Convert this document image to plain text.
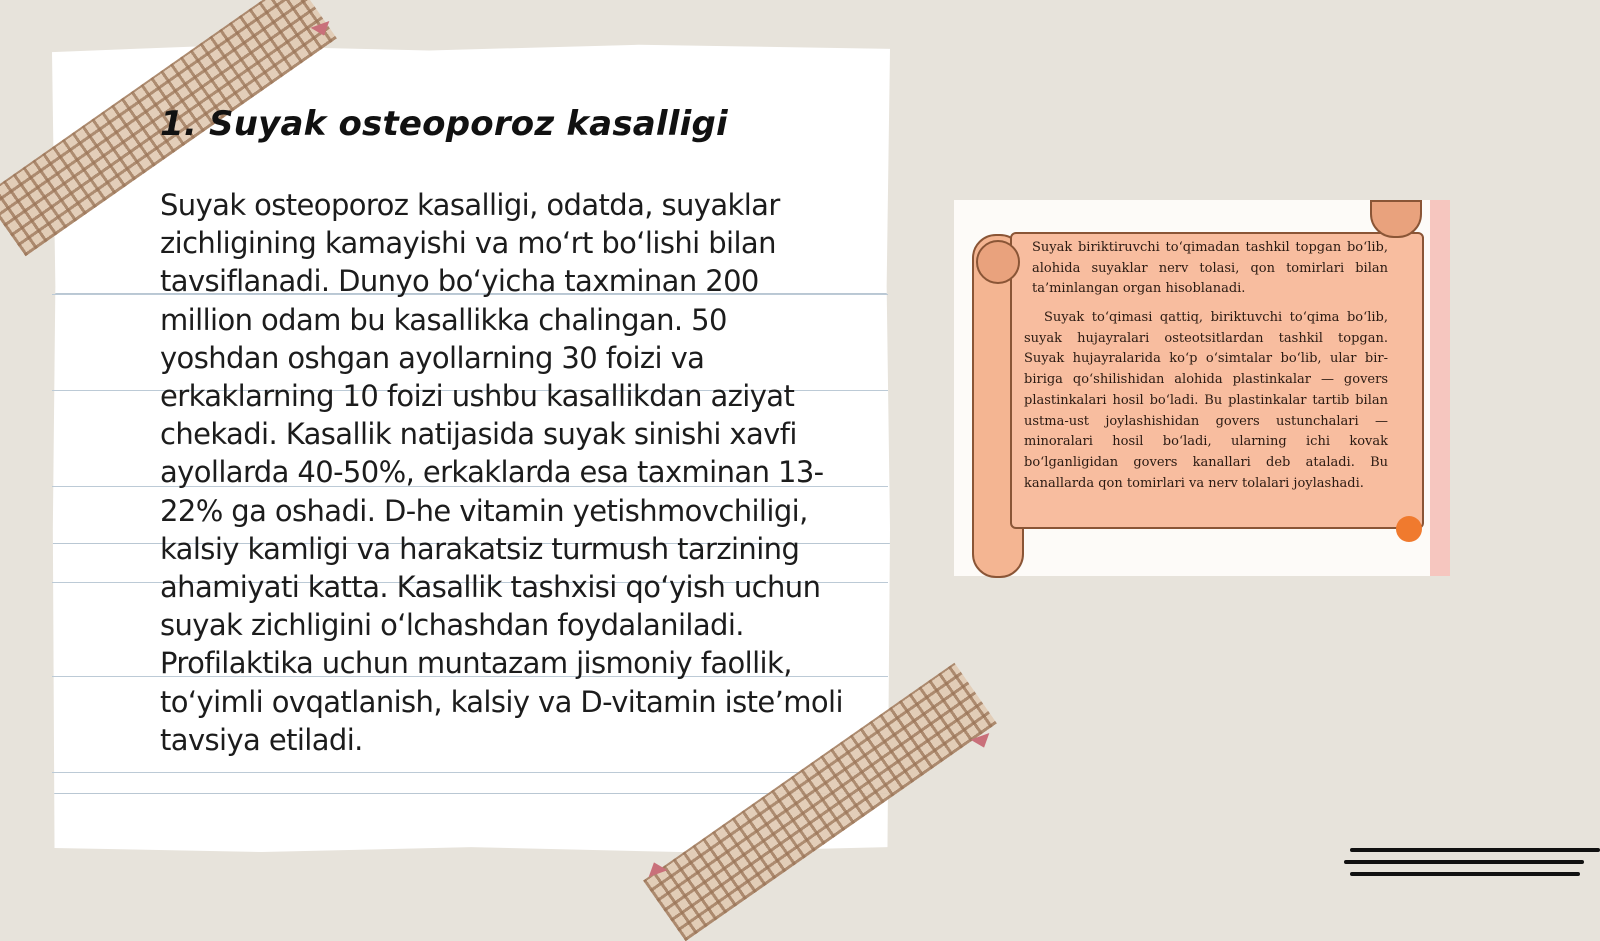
1. Suyak osteoporoz kasalligi

Suyak osteoporoz kasalligi, odatda, suyaklar zichligining kamayishi va mo‘rt bo‘lishi bilan tavsiflanadi. Dunyo bo‘yicha taxminan 200 million odam bu kasallikka chalingan. 50 yoshdan oshgan ayollarning 30 foizi va erkaklarning 10 foizi ushbu kasallikdan aziyat chekadi. Kasallik natijasida suyak sinishi xavfi ayollarda 40-50%, erkaklarda esa taxminan 13-22% ga oshadi. D-he vitamin yetishmovchiligi, kalsiy kamligi va harakatsiz turmush tarzining ahamiyati katta. Kasallik tashxisi qo‘yish uchun suyak zichligini o‘lchashdan foydalaniladi. Profilaktika uchun muntazam jismoniy faollik, to‘yimli ovqatlanish, kalsiy va D-vitamin iste’moli tavsiya etiladi.

Suyak biriktiruvchi to‘qimadan tashkil topgan bo‘lib, alohida suyaklar nerv tolasi, qon tomirlari bilan ta’minlangan organ hisoblanadi.

Suyak to‘qimasi qattiq, biriktuvchi to‘qima bo‘lib, suyak hujayralari osteotsitlardan tashkil topgan. Suyak hujayralarida ko‘p o‘simtalar bo‘lib, ular bir-biriga qo‘shilishidan alohida plastinkalar — govers plastinkalari hosil bo‘ladi. Bu plastinkalar tartib bilan ustma-ust joylashishidan govers ustunchalari — minoralari hosil bo‘ladi, ularning ichi kovak bo‘lganligidan govers kanallari deb ataladi. Bu kanallarda qon tomirlari va nerv tolalari joylashadi.
